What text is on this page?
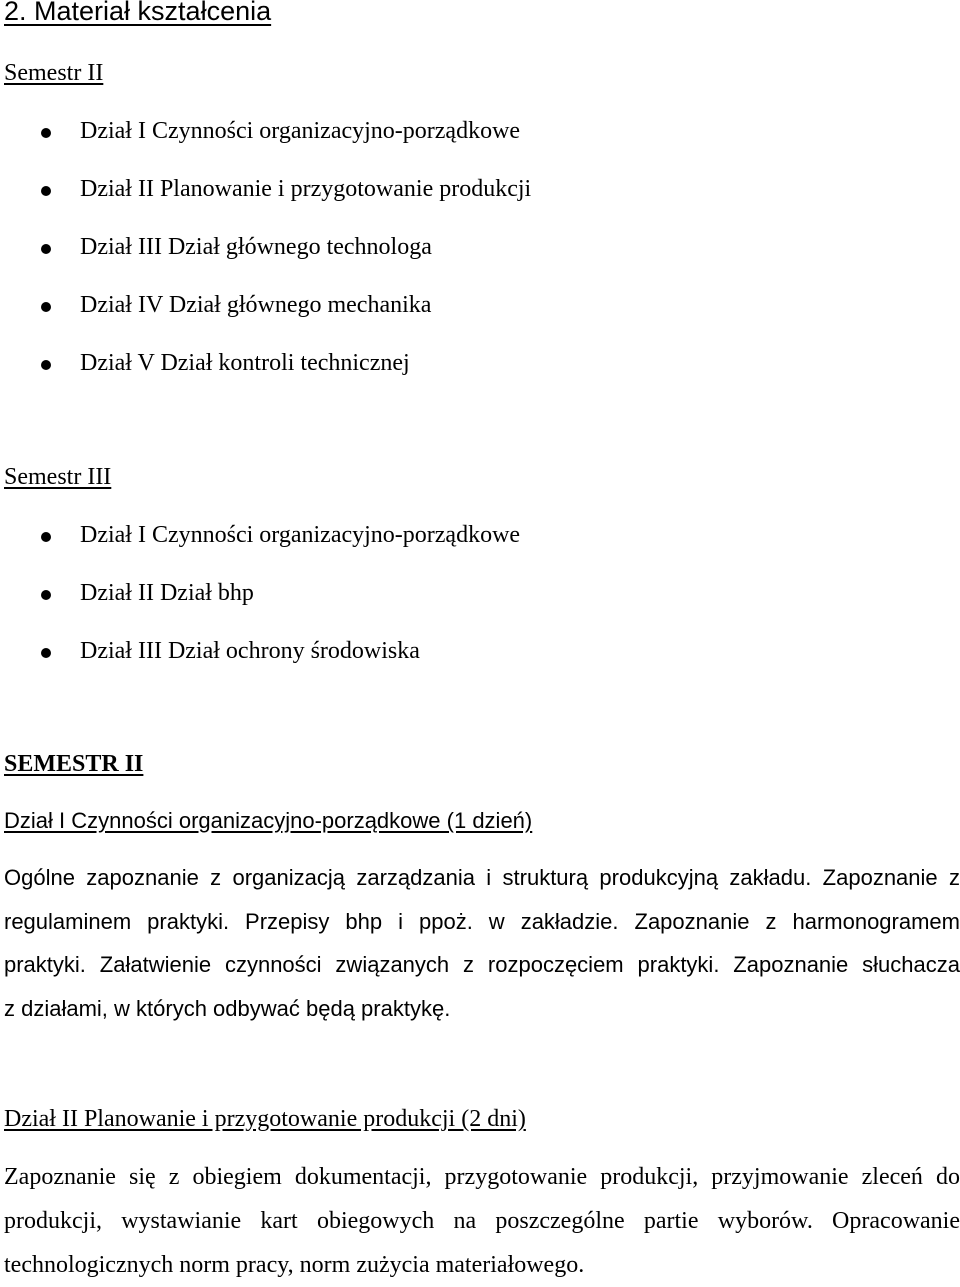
2. Materiał kształcenia
Semestr II
Dział I Czynności organizacyjno-porządkowe
Dział II Planowanie i przygotowanie produkcji
Dział III Dział głównego technologa
Dział IV Dział głównego mechanika
Dział V Dział kontroli technicznej
Semestr III
Dział I Czynności organizacyjno-porządkowe
Dział II Dział bhp
Dział III Dział ochrony środowiska
SEMESTR II
Dział I Czynności organizacyjno-porządkowe (1 dzień)
Ogólne zapoznanie z organizacją zarządzania i strukturą produkcyjną zakładu. Zapoznanie z
regulaminem praktyki. Przepisy bhp i ppoż. w zakładzie. Zapoznanie z harmonogramem
praktyki. Załatwienie czynności związanych z rozpoczęciem praktyki. Zapoznanie słuchacza
z działami, w których odbywać będą praktykę.
Dział II Planowanie i przygotowanie produkcji (2 dni)
Zapoznanie się z obiegiem dokumentacji, przygotowanie produkcji, przyjmowanie zleceń do
produkcji, wystawianie kart obiegowych na poszczególne partie wyborów. Opracowanie
technologicznych norm pracy, norm zużycia materiałowego.
